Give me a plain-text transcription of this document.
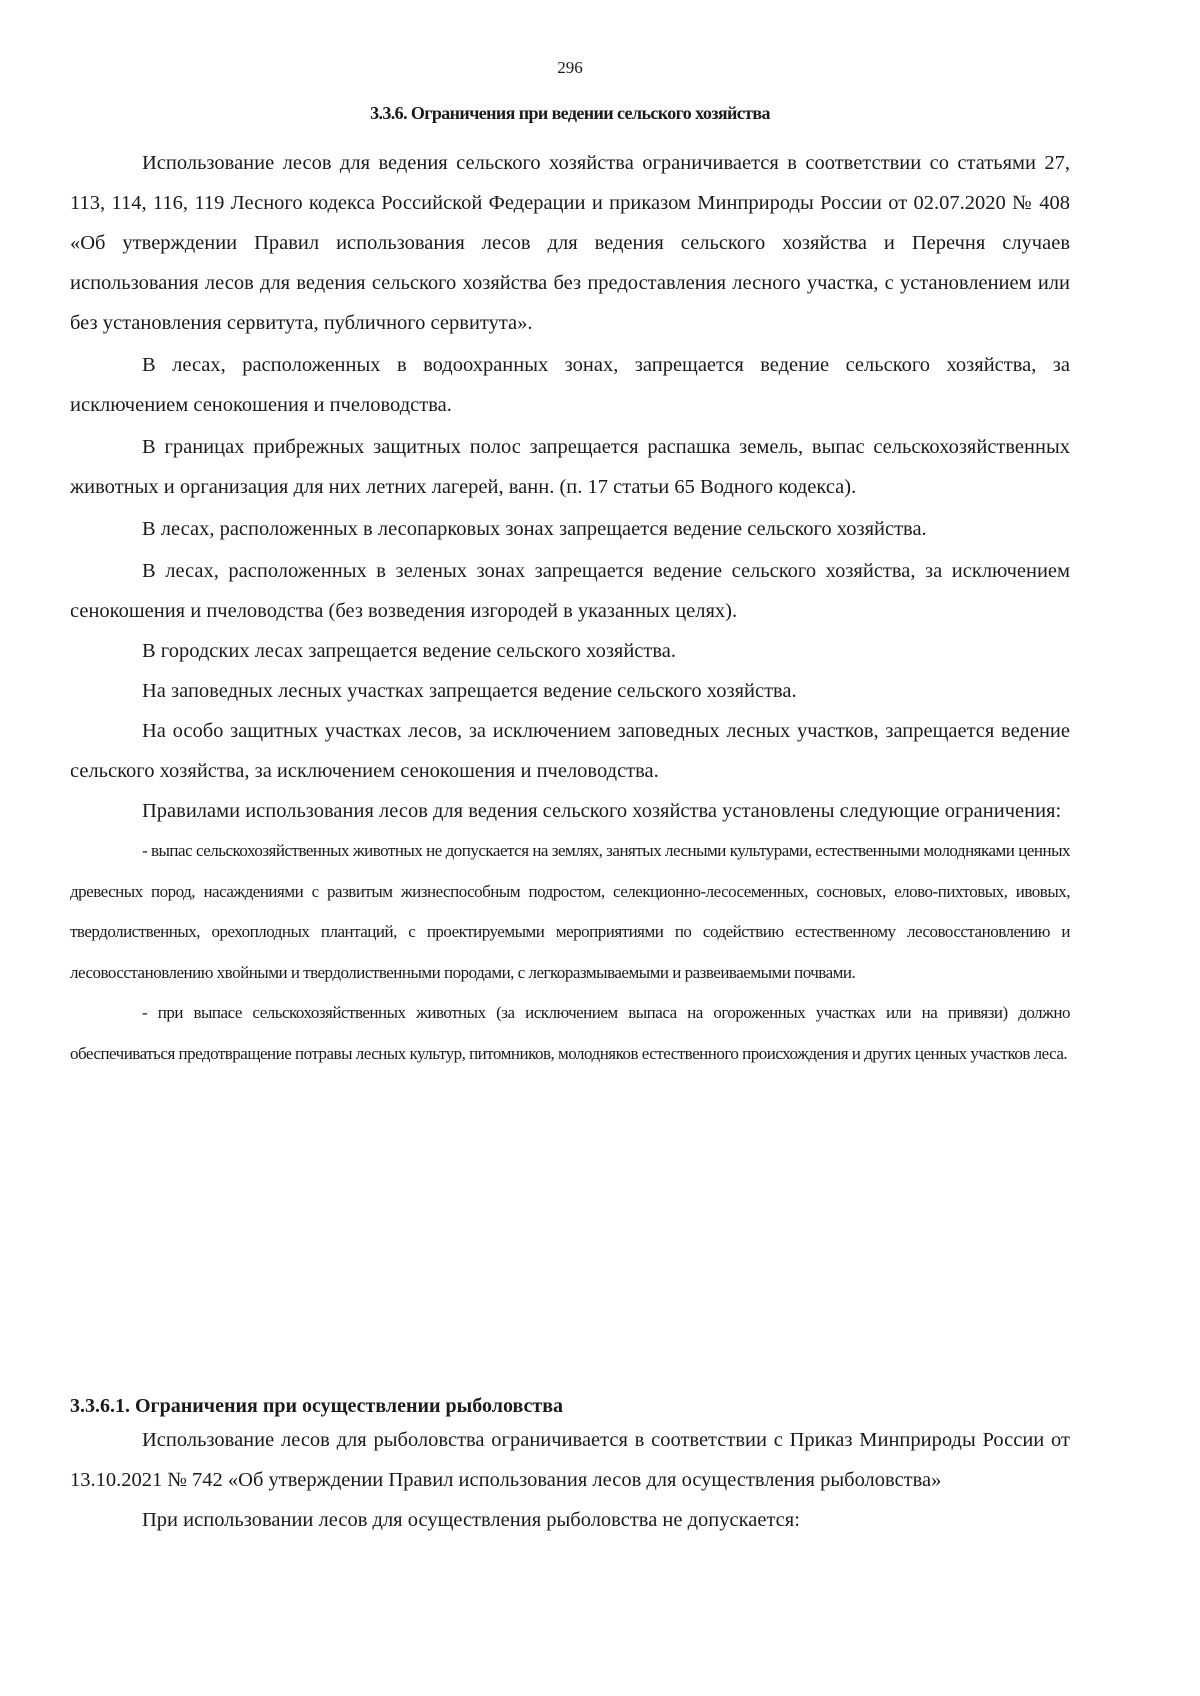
296
3.3.6. Ограничения при ведении сельского хозяйства

Использование лесов для ведения сельского хозяйства ограничивается в соответствии со статьями 27, 113, 114, 116, 119 Лесного кодекса Российской Федерации и приказом Минприроды России от 02.07.2020 № 408 «Об утверждении Правил использования лесов для ведения сельского хозяйства и Перечня случаев использования лесов для ведения сельского хозяйства без предоставления лесного участка, с установлением или без установления сервитута, публичного сервитута».

В лесах, расположенных в водоохранных зонах, запрещается ведение сельского хозяйства, за исключением сенокошения и пчеловодства.

В границах прибрежных защитных полос запрещается распашка земель, выпас сельскохозяйственных животных и организация для них летних лагерей, ванн. (п. 17 статьи 65 Водного кодекса).

В лесах, расположенных в лесопарковых зонах запрещается ведение сельского хозяйства.

В лесах, расположенных в зеленых зонах запрещается ведение сельского хозяйства, за исключением сенокошения и пчеловодства (без возведения изгородей в указанных целях).

В городских лесах запрещается ведение сельского хозяйства.

На заповедных лесных участках запрещается ведение сельского хозяйства.

На особо защитных участках лесов, за исключением заповедных лесных участков, запрещается ведение сельского хозяйства, за исключением сенокошения и пчеловодства.

Правилами использования лесов для ведения сельского хозяйства установлены следующие ограничения:

- выпас сельскохозяйственных животных не допускается на землях, занятых лесными культурами, естественными молодняками ценных древесных пород, насаждениями с развитым жизнеспособным подростом, селекционно-лесосеменных, сосновых, елово-пихтовых, ивовых, твердолиственных, орехоплодных плантаций, с проектируемыми мероприятиями по содействию естественному лесовосстановлению и лесовосстановлению хвойными и твердолиственными породами, с легкоразмываемыми и развеиваемыми почвами.

- при выпасе сельскохозяйственных животных (за исключением выпаса на огороженных участках или на привязи) должно обеспечиваться предотвращение потравы лесных культур, питомников, молодняков естественного происхождения и других ценных участков леса.

3.3.6.1. Ограничения при осуществлении рыболовства

Использование лесов для рыболовства ограничивается в соответствии с Приказ Минприроды России от 13.10.2021 № 742 «Об утверждении Правил использования лесов для осуществления рыболовства»

При использовании лесов для осуществления рыболовства не допускается:
